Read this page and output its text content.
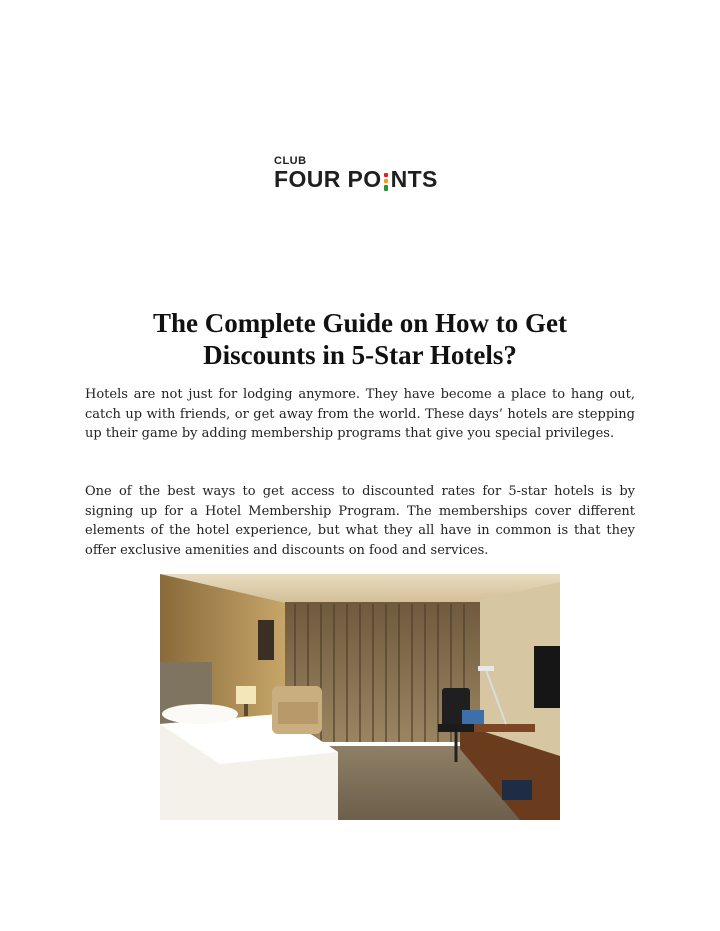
CLUB
FOUR PO NTS
The Complete Guide on How to Get Discounts in 5-Star Hotels?

Hotels are not just for lodging anymore. They have become a place to hang out, catch up with friends, or get away from the world. These days’ hotels are stepping up their game by adding membership programs that give you special privileges.

One of the best ways to get access to discounted rates for 5-star hotels is by signing up for a Hotel Membership Program. The memberships cover different elements of the hotel experience, but what they all have in common is that they offer exclusive amenities and discounts on food and services.
